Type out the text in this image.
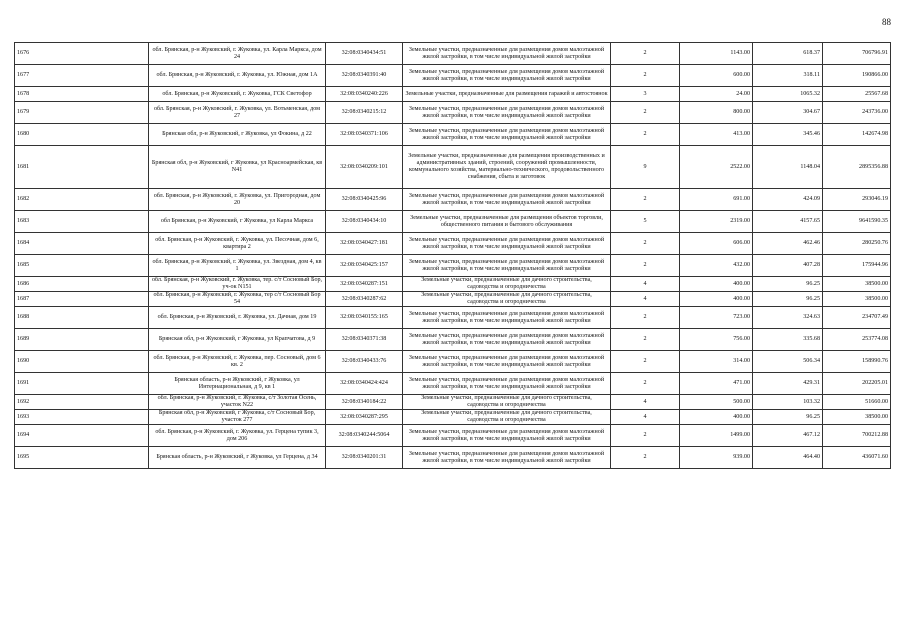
88
1676	обл. Брянская, р-н Жуковский, г. Жуковка, ул. Карла Маркса, дом 24	32:08:0340434:51	Земельные участки, предназначенные для размещения домов малоэтажной жилой застройки, в том числе индивидуальной жилой застройки	2	1143.00	618.37	706796.91
1677	обл. Брянская, р-н Жуковский, г. Жуковка, ул. Южная, дом 1А	32:08:0340391:40	Земельные участки, предназначенные для размещения домов малоэтажной жилой застройки, в том числе индивидуальной жилой застройки	2	600.00	318.11	190866.00
1678	обл. Брянская, р-н Жуковский, г. Жуковка, ГСК Светофор	32:08:0340240:226	Земельные участки, предназначенные для размещения гаражей и автостоянок	3	24.00	1065.32	25567.68
1679	обл. Брянская, р-н Жуковский, г. Жуковка, ул. Вотьменская, дом 27	32:08:0340215:12	Земельные участки, предназначенные для размещения домов малоэтажной жилой застройки, в том числе индивидуальной жилой застройки	2	800.00	304.67	243736.00
1680	Брянская обл, р-н Жуковский, г Жуковка, ул Фокина, д 22	32:08:0340371:106	Земельные участки, предназначенные для размещения домов малоэтажной жилой застройки, в том числе индивидуальной жилой застройки	2	413.00	345.46	142674.98
1681	Брянская обл, р-н Жуковский, г Жуковка, ул Красноармейская, кв N41	32:08:0340209:101	Земельные участки, предназначенные для размещения производственных и административных зданий, строений, сооружений промышленности, коммунального хозяйства, материально-технического, продовольственного снабжения, сбыта и заготовок	9	2522.00	1148.04	2895356.88
1682	обл. Брянская, р-н Жуковский, г. Жуковка, ул. Пригородная, дом 20	32:08:0340425:96	Земельные участки, предназначенные для размещения домов малоэтажной жилой застройки, в том числе индивидуальной жилой застройки	2	691.00	424.09	293046.19
1683	обл Брянская, р-н Жуковский, г Жуковка, ул Карла Маркса	32:08:0340434:10	Земельные участки, предназначенные для размещения объектов торговли, общественного питания и бытового обслуживания	5	2319.00	4157.65	9641590.35
1684	обл. Брянская, р-н Жуковский, г. Жуковка, ул. Песочная, дом 6, квартира 2	32:08:0340427:181	Земельные участки, предназначенные для размещения домов малоэтажной жилой застройки, в том числе индивидуальной жилой застройки	2	606.00	462.46	280250.76
1685	обл. Брянская, р-н Жуковский, г. Жуковка, ул. Звездная, дом 4, кв 1	32:08:0340425:157	Земельные участки, предназначенные для размещения домов малоэтажной жилой застройки, в том числе индивидуальной жилой застройки	2	432.00	407.28	175944.96
1686	обл. Брянская, р-н Жуковский, г. Жуковка, тер. с/т Сосновый Бор, уч-ок N151	32:08:0340287:151	Земельные участки, предназначенные для дачного строительства, садоводства и огородничества	4	400.00	96.25	38500.00
1687	обл. Брянская, р-н Жуковский, г. Жуковка, тер с/т Сосновый Бор 54	32:08:0340287:62	Земельные участки, предназначенные для дачного строительства, садоводства и огородничества	4	400.00	96.25	38500.00
1688	обл. Брянская, р-н Жуковский, г. Жуковка, ул. Дачная, дом 19	32:08:0340155:165	Земельные участки, предназначенные для размещения домов малоэтажной жилой застройки, в том числе индивидуальной жилой застройки	2	723.00	324.63	234707.49
1689	Брянская обл, р-н Жуковский, г Жуковка, ул Крапчатова, д 9	32:08:0340371:38	Земельные участки, предназначенные для размещения домов малоэтажной жилой застройки, в том числе индивидуальной жилой застройки	2	756.00	335.68	253774.08
1690	обл. Брянская, р-н Жуковский, г. Жуковка, пер. Сосновый, дом 6 кв. 2	32:08:0340433:76	Земельные участки, предназначенные для размещения домов малоэтажной жилой застройки, в том числе индивидуальной жилой застройки	2	314.00	506.34	158990.76
1691	Брянская область, р-н Жуковский, г Жуковка, ул Интернациональная, д 9, кв 1	32:08:0340424:424	Земельные участки, предназначенные для размещения домов малоэтажной жилой застройки, в том числе индивидуальной жилой застройки	2	471.00	429.31	202205.01
1692	обл. Брянская, р-н Жуковский, г. Жуковка, с/т Золотая Осень, участок N22	32:08:0340184:22	Земельные участки, предназначенные для дачного строительства, садоводства и огородничества	4	500.00	103.32	51660.00
1693	Брянская обл, р-н Жуковский, г Жуковка, с/т Сосновый Бор, участок 277	32:08:0340287:295	Земельные участки, предназначенные для дачного строительства, садоводства и огородничества	4	400.00	96.25	38500.00
1694	обл. Брянская, р-н Жуковский, г. Жуковка, ул. Герцена тупик 3, дом 206	32:08:0340244:5064	Земельные участки, предназначенные для размещения домов малоэтажной жилой застройки, в том числе индивидуальной жилой застройки	2	1499.00	467.12	700212.88
1695	Брянская область, р-н Жуковский, г Жуковка, ул Герцена, д 34	32:08:0340201:31	Земельные участки, предназначенные для размещения домов малоэтажной жилой застройки, в том числе индивидуальной жилой застройки	2	939.00	464.40	436071.60
